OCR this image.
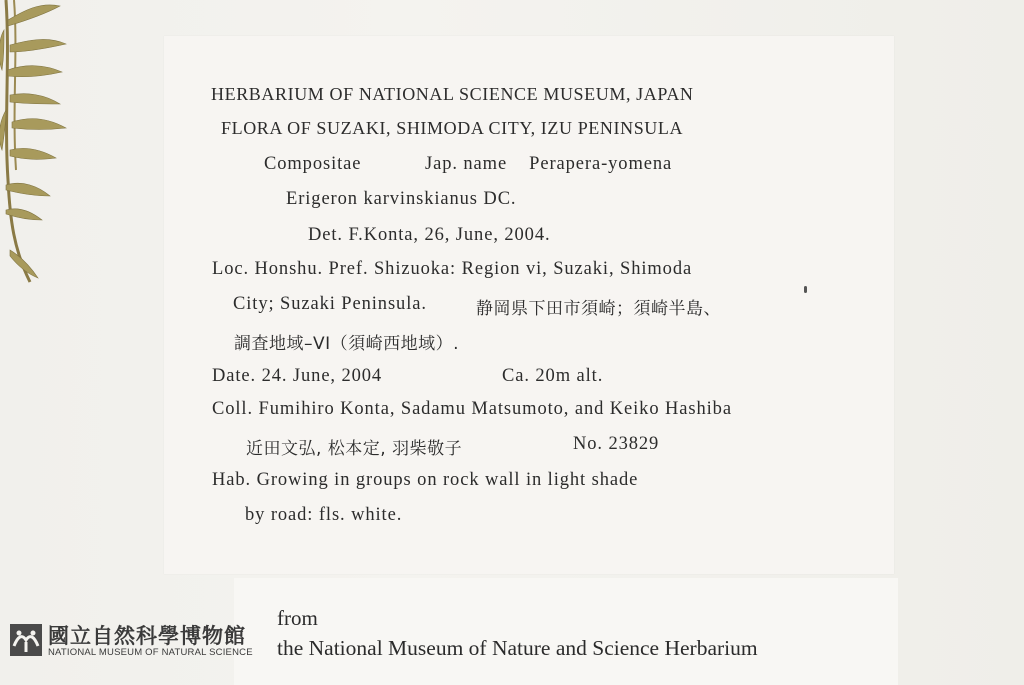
HERBARIUM OF NATIONAL SCIENCE MUSEUM, JAPAN
FLORA OF SUZAKI, SHIMODA CITY, IZU PENINSULA
Compositae	Jap. name    Perapera-yomena
Erigeron karvinskianus DC.
Det. F.Konta, 26, June, 2004.
Loc. Honshu. Pref. Shizuoka: Region vi, Suzaki, Shimoda
City; Suzaki Peninsula.	静岡県下田市須崎；須崎半島、
調査地域–VI（須崎西地域）.
Date. 24. June, 2004	Ca. 20m alt.
Coll. Fumihiro Konta, Sadamu Matsumoto, and Keiko Hashiba
近田文弘, 松本定, 羽柴敬子	No. 23829
Hab. Growing in groups on rock wall in light shade
by road: fls. white.
from
the National Museum of Nature and Science Herbarium
國立自然科學博物館
NATIONAL MUSEUM OF NATURAL SCIENCE
